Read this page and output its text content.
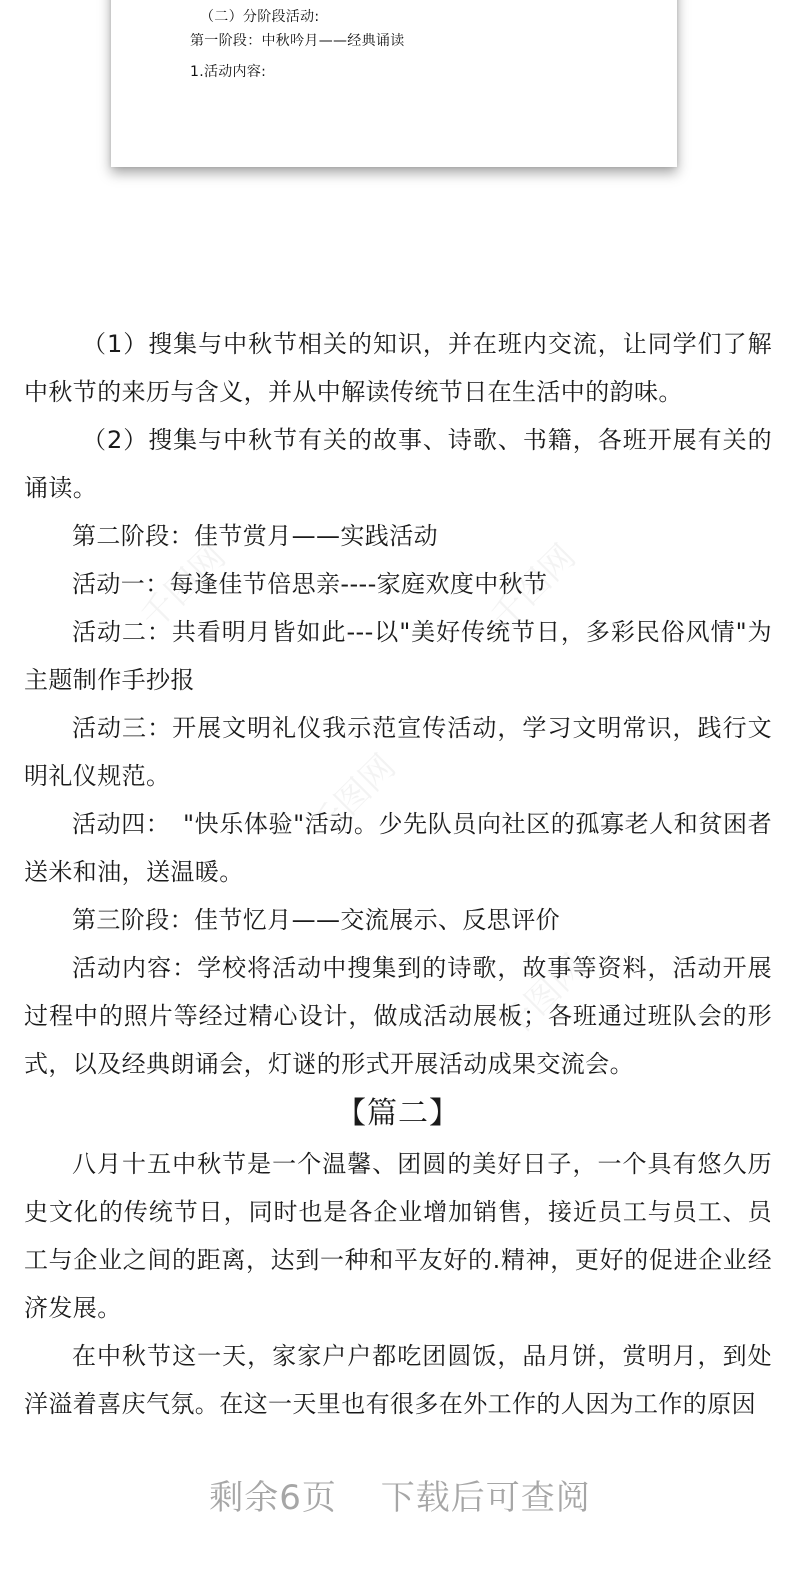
（二）分阶段活动:
第一阶段：中秋吟月——经典诵读
1.活动内容:
千图网	千图网
千图网
千图网

（1）搜集与中秋节相关的知识，并在班内交流，让同学们了解中秋节的来历与含义，并从中解读传统节日在生活中的韵味。

（2）搜集与中秋节有关的故事、诗歌、书籍，各班开展有关的诵读。

第二阶段：佳节赏月——实践活动

活动一：每逢佳节倍思亲----家庭欢度中秋节

活动二：共看明月皆如此---以"美好传统节日，多彩民俗风情"为主题制作手抄报

活动三：开展文明礼仪我示范宣传活动，学习文明常识，践行文明礼仪规范。

活动四：　"快乐体验"活动。少先队员向社区的孤寡老人和贫困者送米和油，送温暖。

第三阶段：佳节忆月——交流展示、反思评价

活动内容：学校将活动中搜集到的诗歌，故事等资料，活动开展过程中的照片等经过精心设计，做成活动展板；各班通过班队会的形式，以及经典朗诵会，灯谜的形式开展活动成果交流会。

【篇二】

八月十五中秋节是一个温馨、团圆的美好日子，一个具有悠久历史文化的传统节日，同时也是各企业增加销售，接近员工与员工、员工与企业之间的距离，达到一种和平友好的.精神，更好的促进企业经济发展。

在中秋节这一天，家家户户都吃团圆饭，品月饼，赏明月，到处洋溢着喜庆气氛。在这一天里也有很多在外工作的人因为工作的原因

剩余6页 下载后可查阅
